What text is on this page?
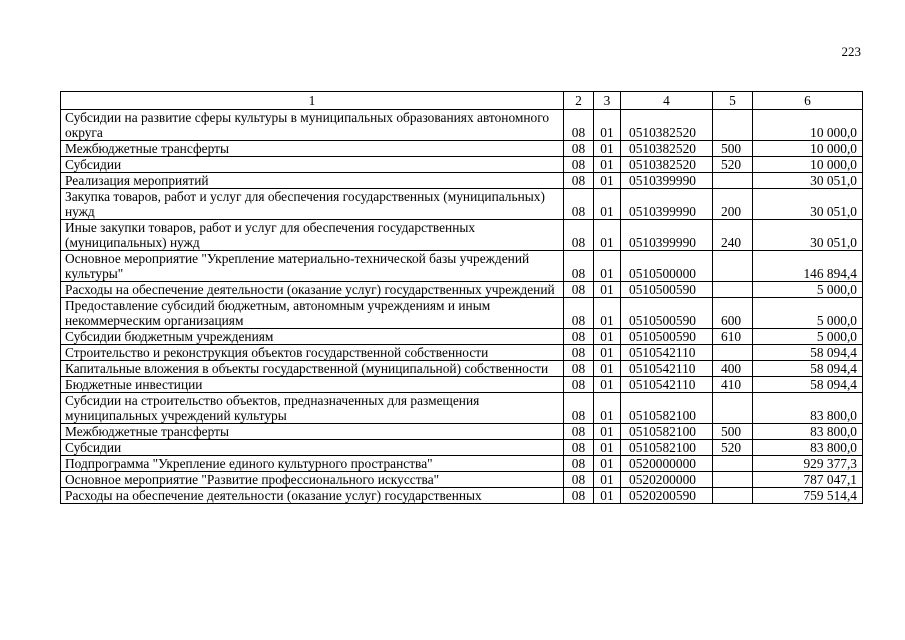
223
1	2	3	4	5	6
Субсидии на развитие сферы культуры в муниципальных образованиях автономного округа	08	01	0510382520		10 000,0
Межбюджетные трансферты	08	01	0510382520	500	10 000,0
Субсидии	08	01	0510382520	520	10 000,0
Реализация мероприятий	08	01	0510399990		30 051,0
Закупка товаров, работ и услуг для обеспечения государственных (муниципальных) нужд	08	01	0510399990	200	30 051,0
Иные закупки товаров, работ и услуг для обеспечения государственных (муниципальных) нужд	08	01	0510399990	240	30 051,0
Основное мероприятие "Укрепление материально-технической базы учреждений культуры"	08	01	0510500000		146 894,4
Расходы на обеспечение деятельности (оказание услуг) государственных учреждений	08	01	0510500590		5 000,0
Предоставление субсидий бюджетным, автономным учреждениям и иным некоммерческим организациям	08	01	0510500590	600	5 000,0
Субсидии бюджетным учреждениям	08	01	0510500590	610	5 000,0
Строительство и реконструкция объектов государственной собственности	08	01	0510542110		58 094,4
Капитальные вложения в объекты государственной (муниципальной) собственности	08	01	0510542110	400	58 094,4
Бюджетные инвестиции	08	01	0510542110	410	58 094,4
Субсидии на строительство объектов, предназначенных для размещения муниципальных учреждений культуры	08	01	0510582100		83 800,0
Межбюджетные трансферты	08	01	0510582100	500	83 800,0
Субсидии	08	01	0510582100	520	83 800,0
Подпрограмма "Укрепление единого культурного пространства"	08	01	0520000000		929 377,3
Основное мероприятие "Развитие профессионального искусства"	08	01	0520200000		787 047,1
Расходы на обеспечение деятельности (оказание услуг) государственных	08	01	0520200590		759 514,4
